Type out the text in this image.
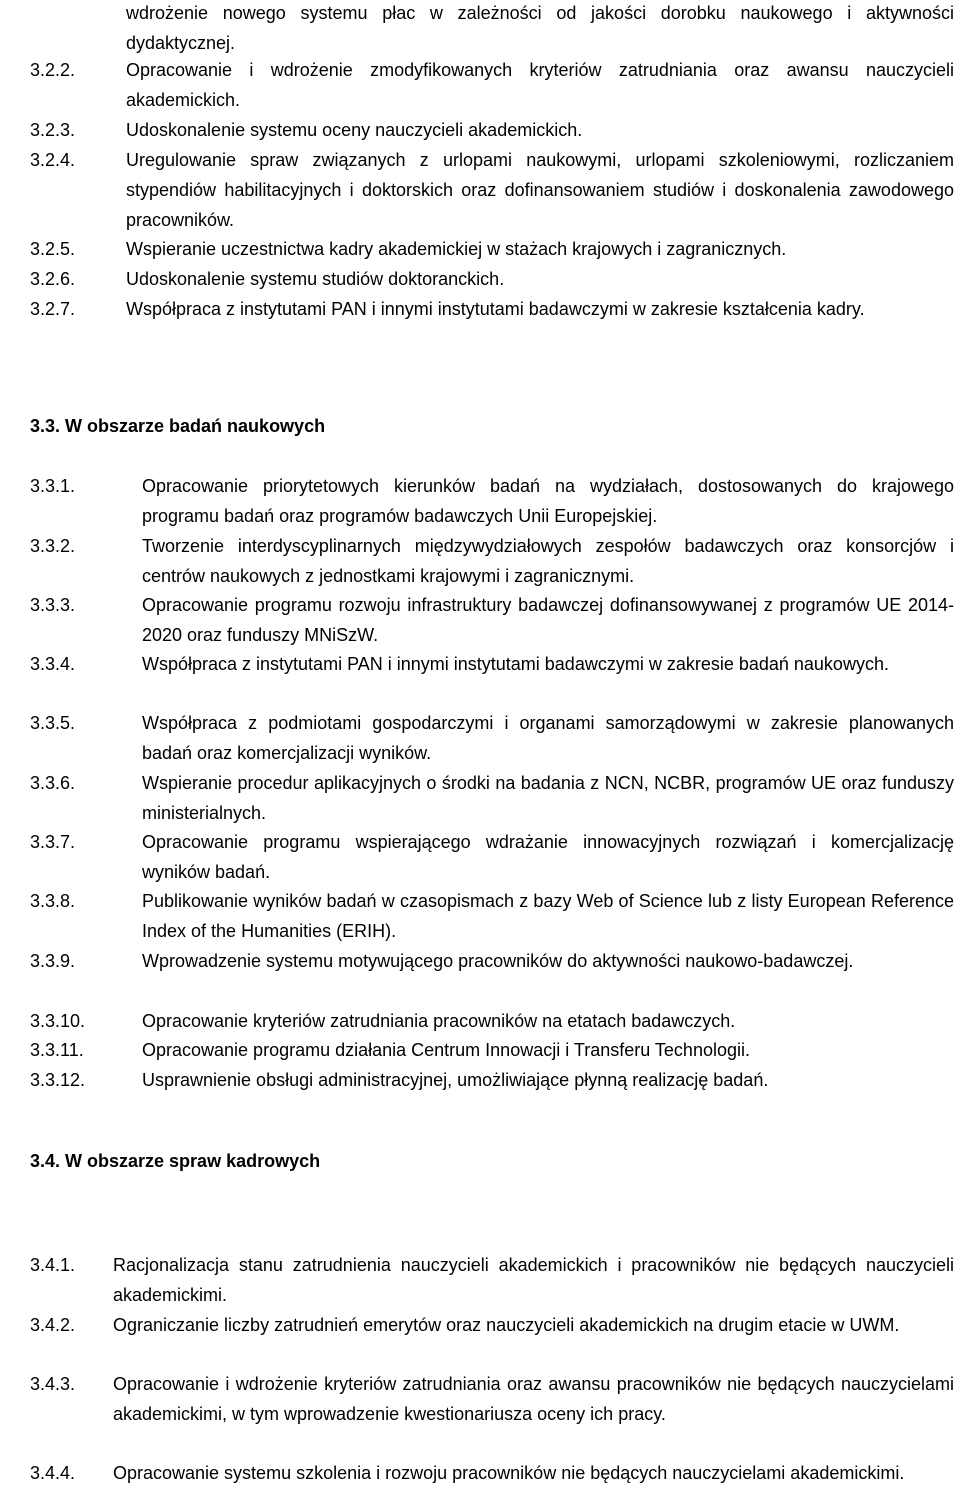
wdrożenie nowego systemu płac w zależności od jakości dorobku naukowego i aktywności dydaktycznej.
3.2.2.	Opracowanie i wdrożenie zmodyfikowanych kryteriów zatrudniania oraz awansu nauczycieli akademickich.
3.2.3.	Udoskonalenie systemu oceny nauczycieli akademickich.
3.2.4.	Uregulowanie spraw związanych z urlopami naukowymi, urlopami szkoleniowymi, rozliczaniem stypendiów habilitacyjnych i doktorskich oraz dofinansowaniem studiów i doskonalenia zawodowego pracowników.
3.2.5.	Wspieranie uczestnictwa kadry akademickiej w stażach krajowych i zagranicznych.
3.2.6.	Udoskonalenie systemu studiów doktoranckich.
3.2.7.	Współpraca z instytutami PAN i innymi instytutami badawczymi w zakresie kształcenia kadry.
3.3. W obszarze badań naukowych
3.3.1.	Opracowanie priorytetowych kierunków badań na wydziałach, dostosowanych do krajowego programu badań oraz programów badawczych Unii Europejskiej.
3.3.2.	Tworzenie interdyscyplinarnych międzywydziałowych zespołów badawczych oraz konsorcjów i centrów naukowych z jednostkami krajowymi i zagranicznymi.
3.3.3.	Opracowanie programu rozwoju infrastruktury badawczej dofinansowywanej z programów UE 2014-2020 oraz funduszy MNiSzW.
3.3.4.	Współpraca z instytutami PAN i innymi instytutami badawczymi w zakresie badań naukowych.
3.3.5.	Współpraca z podmiotami gospodarczymi i organami samorządowymi w zakresie planowanych badań oraz komercjalizacji wyników.
3.3.6.	Wspieranie procedur aplikacyjnych o środki na badania z NCN, NCBR, programów UE oraz funduszy ministerialnych.
3.3.7.	Opracowanie programu wspierającego wdrażanie innowacyjnych rozwiązań i komercjalizację wyników badań.
3.3.8.	Publikowanie wyników badań w czasopismach z bazy Web of Science lub z listy European Reference Index of the Humanities (ERIH).
3.3.9.	Wprowadzenie systemu motywującego pracowników do aktywności naukowo-badawczej.
3.3.10.	Opracowanie kryteriów zatrudniania pracowników na etatach badawczych.
3.3.11.	Opracowanie programu działania Centrum Innowacji i Transferu Technologii.
3.3.12.	Usprawnienie obsługi administracyjnej, umożliwiające płynną realizację badań.
3.4. W obszarze spraw kadrowych
3.4.1.	Racjonalizacja stanu zatrudnienia nauczycieli akademickich i pracowników nie będących nauczycieli akademickimi.
3.4.2.	Ograniczanie liczby zatrudnień emerytów oraz nauczycieli akademickich na drugim etacie w UWM.
3.4.3.	Opracowanie i wdrożenie kryteriów zatrudniania oraz awansu pracowników nie będących nauczycielami akademickimi, w tym wprowadzenie kwestionariusza oceny ich pracy.
3.4.4.	Opracowanie systemu szkolenia i rozwoju pracowników nie będących nauczycielami akademickimi.
